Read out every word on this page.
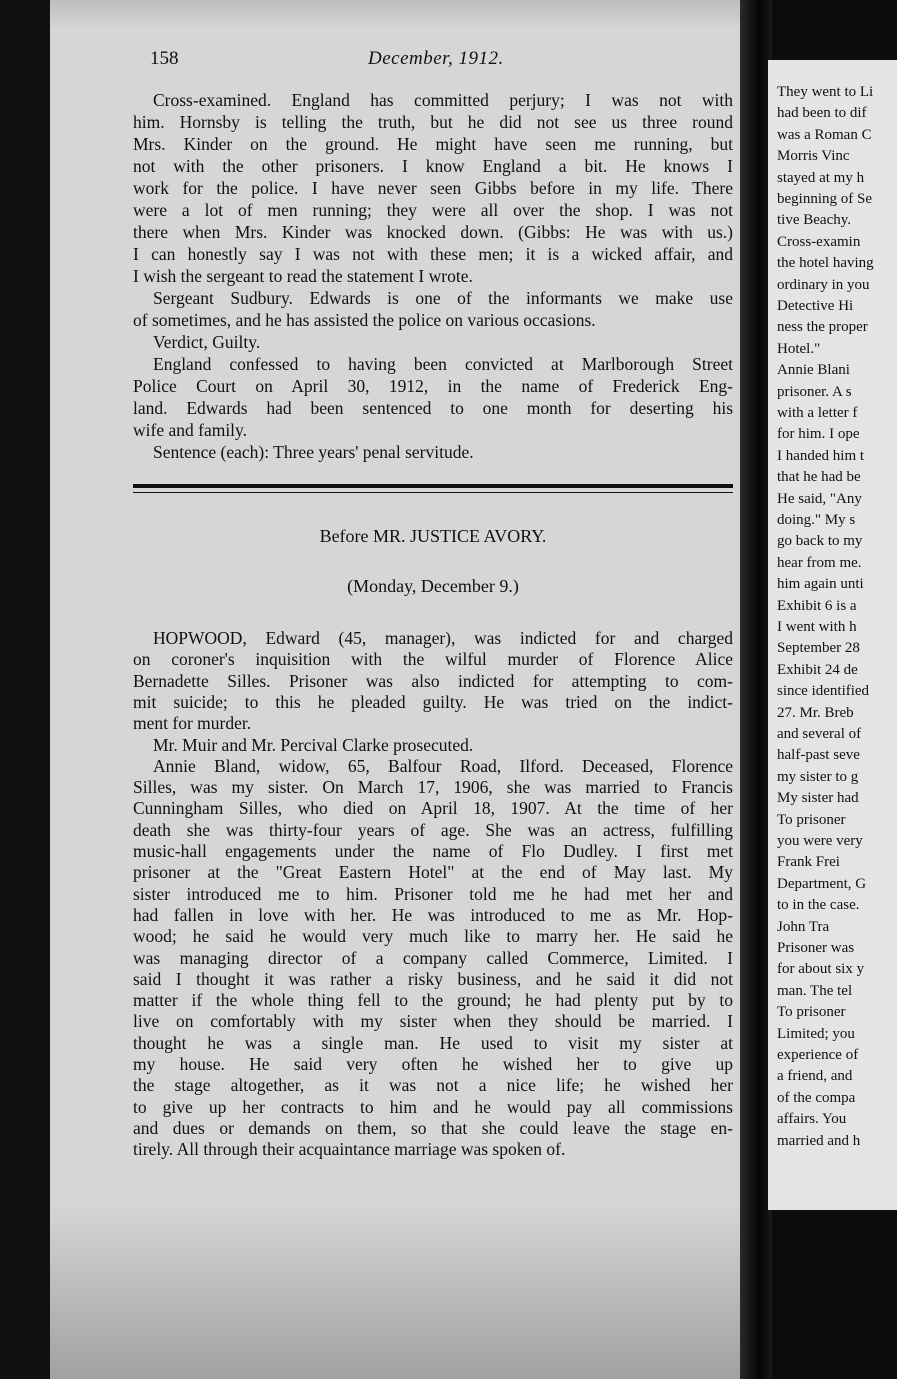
They went to Li
had been to dif
was a Roman C
Morris Vinc
stayed at my h
beginning of Se
tive Beachy.
Cross-examin
the hotel having
ordinary in you
Detective Hi
ness the proper
Hotel."
Annie Blani
prisoner. A s
with a letter f
for him. I ope
I handed him t
that he had be
He said, "Any
doing." My s
go back to my
hear from me.
him again unti
Exhibit 6 is a
I went with h
September 28
Exhibit 24 de
since identified
27. Mr. Breb
and several of
half-past seve
my sister to g
My sister had
To prisoner
you were very
Frank Frei
Department, G
to in the case.
John Tra
Prisoner was
for about six y
man. The tel
To prisoner
Limited; you
experience of
a friend, and
of the compa
affairs. You
married and h
158	December, 1912.
Cross-examined. England has committed perjury; I was not with
him. Hornsby is telling the truth, but he did not see us three round
Mrs. Kinder on the ground. He might have seen me running, but
not with the other prisoners. I know England a bit. He knows I
work for the police. I have never seen Gibbs before in my life. There
were a lot of men running; they were all over the shop. I was not
there when Mrs. Kinder was knocked down. (Gibbs: He was with us.)
I can honestly say I was not with these men; it is a wicked affair, and
I wish the sergeant to read the statement I wrote.
Sergeant Sudbury. Edwards is one of the informants we make use
of sometimes, and he has assisted the police on various occasions.
Verdict, Guilty.
England confessed to having been convicted at Marlborough Street
Police Court on April 30, 1912, in the name of Frederick Eng-
land. Edwards had been sentenced to one month for deserting his
wife and family.
Sentence (each): Three years' penal servitude.
Before MR. JUSTICE AVORY.
(Monday, December 9.)
HOPWOOD, Edward (45, manager), was indicted for and charged
on coroner's inquisition with the wilful murder of Florence Alice
Bernadette Silles. Prisoner was also indicted for attempting to com-
mit suicide; to this he pleaded guilty. He was tried on the indict-
ment for murder.
Mr. Muir and Mr. Percival Clarke prosecuted.
Annie Bland, widow, 65, Balfour Road, Ilford. Deceased, Florence
Silles, was my sister. On March 17, 1906, she was married to Francis
Cunningham Silles, who died on April 18, 1907. At the time of her
death she was thirty-four years of age. She was an actress, fulfilling
music-hall engagements under the name of Flo Dudley. I first met
prisoner at the "Great Eastern Hotel" at the end of May last. My
sister introduced me to him. Prisoner told me he had met her and
had fallen in love with her. He was introduced to me as Mr. Hop-
wood; he said he would very much like to marry her. He said he
was managing director of a company called Commerce, Limited. I
said I thought it was rather a risky business, and he said it did not
matter if the whole thing fell to the ground; he had plenty put by to
live on comfortably with my sister when they should be married. I
thought he was a single man. He used to visit my sister at
my house. He said very often he wished her to give up
the stage altogether, as it was not a nice life; he wished her
to give up her contracts to him and he would pay all commissions
and dues or demands on them, so that she could leave the stage en-
tirely. All through their acquaintance marriage was spoken of.
